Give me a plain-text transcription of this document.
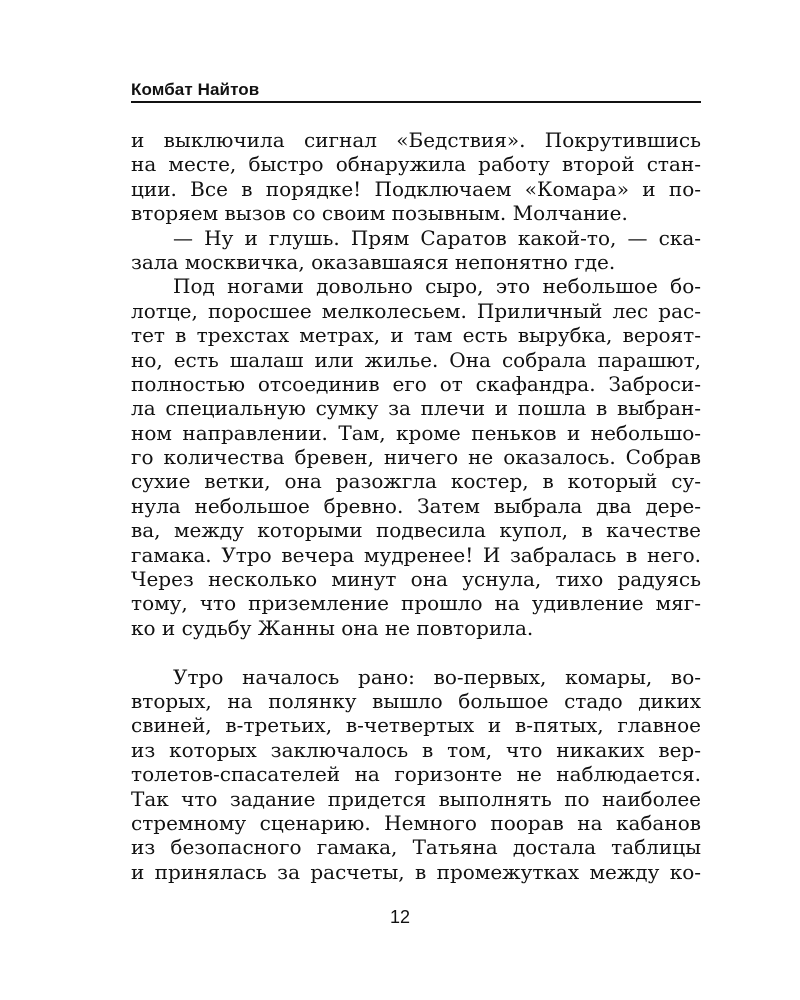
Комбат Найтов
и выключила сигнал «Бедствия». Покрутившись
на месте, быстро обнаружила работу второй стан-
ции. Все в порядке! Подключаем «Комара» и по-
вторяем вызов со своим позывным. Молчание.
— Ну и глушь. Прям Саратов какой-то, — ска-
зала москвичка, оказавшаяся непонятно где.
Под ногами довольно сыро, это небольшое бо-
лотце, поросшее мелколесьем. Приличный лес рас-
тет в трехстах метрах, и там есть вырубка, вероят-
но, есть шалаш или жилье. Она собрала парашют,
полностью отсоединив его от скафандра. Заброси-
ла специальную сумку за плечи и пошла в выбран-
ном направлении. Там, кроме пеньков и небольшо-
го количества бревен, ничего не оказалось. Собрав
сухие ветки, она разожгла костер, в который су-
нула небольшое бревно. Затем выбрала два дере-
ва, между которыми подвесила купол, в качестве
гамака. Утро вечера мудренее! И забралась в него.
Через несколько минут она уснула, тихо радуясь
тому, что приземление прошло на удивление мяг-
ко и судьбу Жанны она не повторила.
Утро началось рано: во-первых, комары, во-
вторых, на полянку вышло большое стадо диких
свиней, в-третьих, в-четвертых и в-пятых, главное
из которых заключалось в том, что никаких вер-
толетов-спасателей на горизонте не наблюдается.
Так что задание придется выполнять по наиболее
стремному сценарию. Немного поорав на кабанов
из безопасного гамака, Татьяна достала таблицы
и принялась за расчеты, в промежутках между ко-
12
